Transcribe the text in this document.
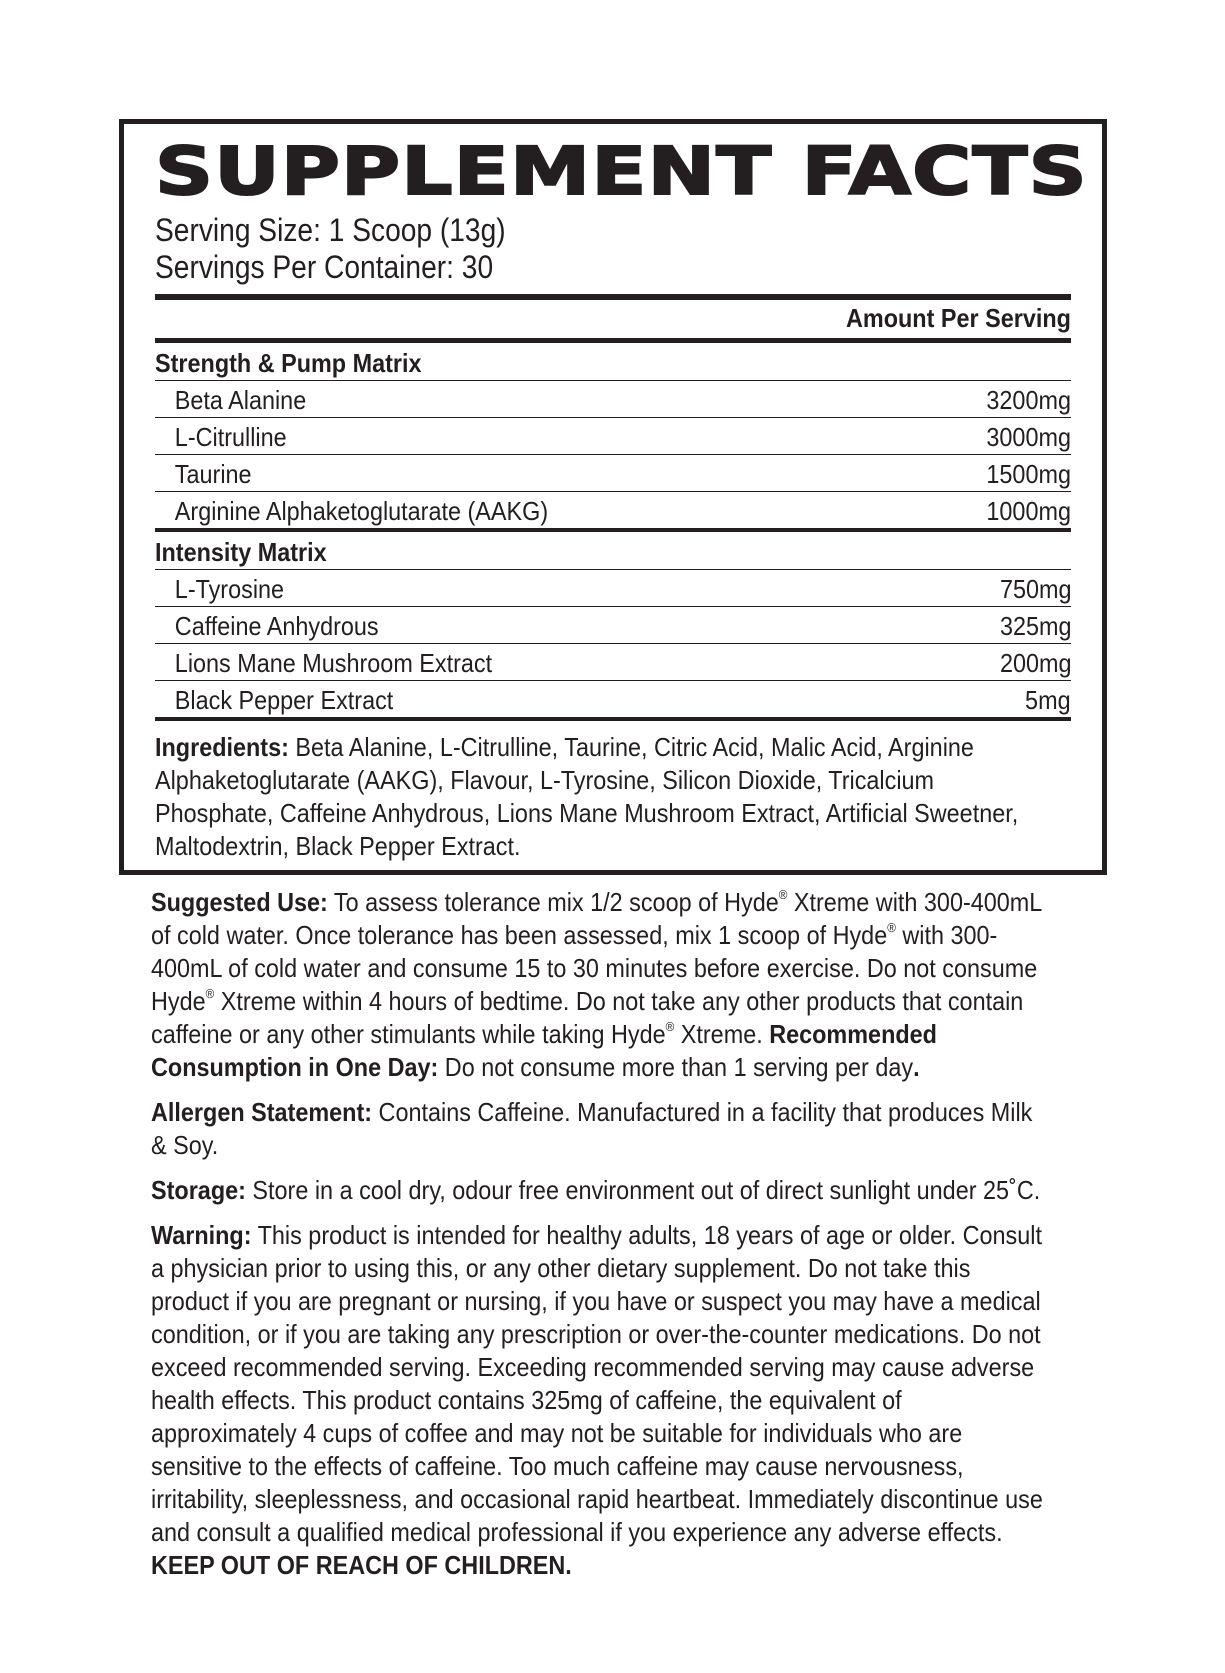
SUPPLEMENT FACTS
Serving Size: 1 Scoop (13g)
Servings Per Container: 30
Amount Per Serving
Strength & Pump Matrix
Beta Alanine	3200mg
L-Citrulline	3000mg
Taurine	1500mg
Arginine Alphaketoglutarate (AAKG)	1000mg
Intensity Matrix
L-Tyrosine	750mg
Caffeine Anhydrous	325mg
Lions Mane Mushroom Extract	200mg
Black Pepper Extract	5mg
Ingredients: Beta Alanine, L-Citrulline, Taurine, Citric Acid, Malic Acid, Arginine Alphaketoglutarate (AAKG), Flavour, L-Tyrosine, Silicon Dioxide, Tricalcium Phosphate, Caffeine Anhydrous, Lions Mane Mushroom Extract, Artificial Sweetner, Maltodextrin, Black Pepper Extract.
Suggested Use: To assess tolerance mix 1/2 scoop of Hyde® Xtreme with 300-400mL of cold water. Once tolerance has been assessed, mix 1 scoop of Hyde® with 300-400mL of cold water and consume 15 to 30 minutes before exercise. Do not consume Hyde® Xtreme within 4 hours of bedtime. Do not take any other products that contain caffeine or any other stimulants while taking Hyde® Xtreme. Recommended Consumption in One Day: Do not consume more than 1 serving per day.
Allergen Statement: Contains Caffeine. Manufactured in a facility that produces Milk & Soy.
Storage: Store in a cool dry, odour free environment out of direct sunlight under 25˚C.
Warning: This product is intended for healthy adults, 18 years of age or older. Consult a physician prior to using this, or any other dietary supplement. Do not take this product if you are pregnant or nursing, if you have or suspect you may have a medical condition, or if you are taking any prescription or over-the-counter medications. Do not exceed recommended serving. Exceeding recommended serving may cause adverse health effects. This product contains 325mg of caffeine, the equivalent of approximately 4 cups of coffee and may not be suitable for individuals who are sensitive to the effects of caffeine. Too much caffeine may cause nervousness, irritability, sleeplessness, and occasional rapid heartbeat. Immediately discontinue use and consult a qualified medical professional if you experience any adverse effects. KEEP OUT OF REACH OF CHILDREN.
